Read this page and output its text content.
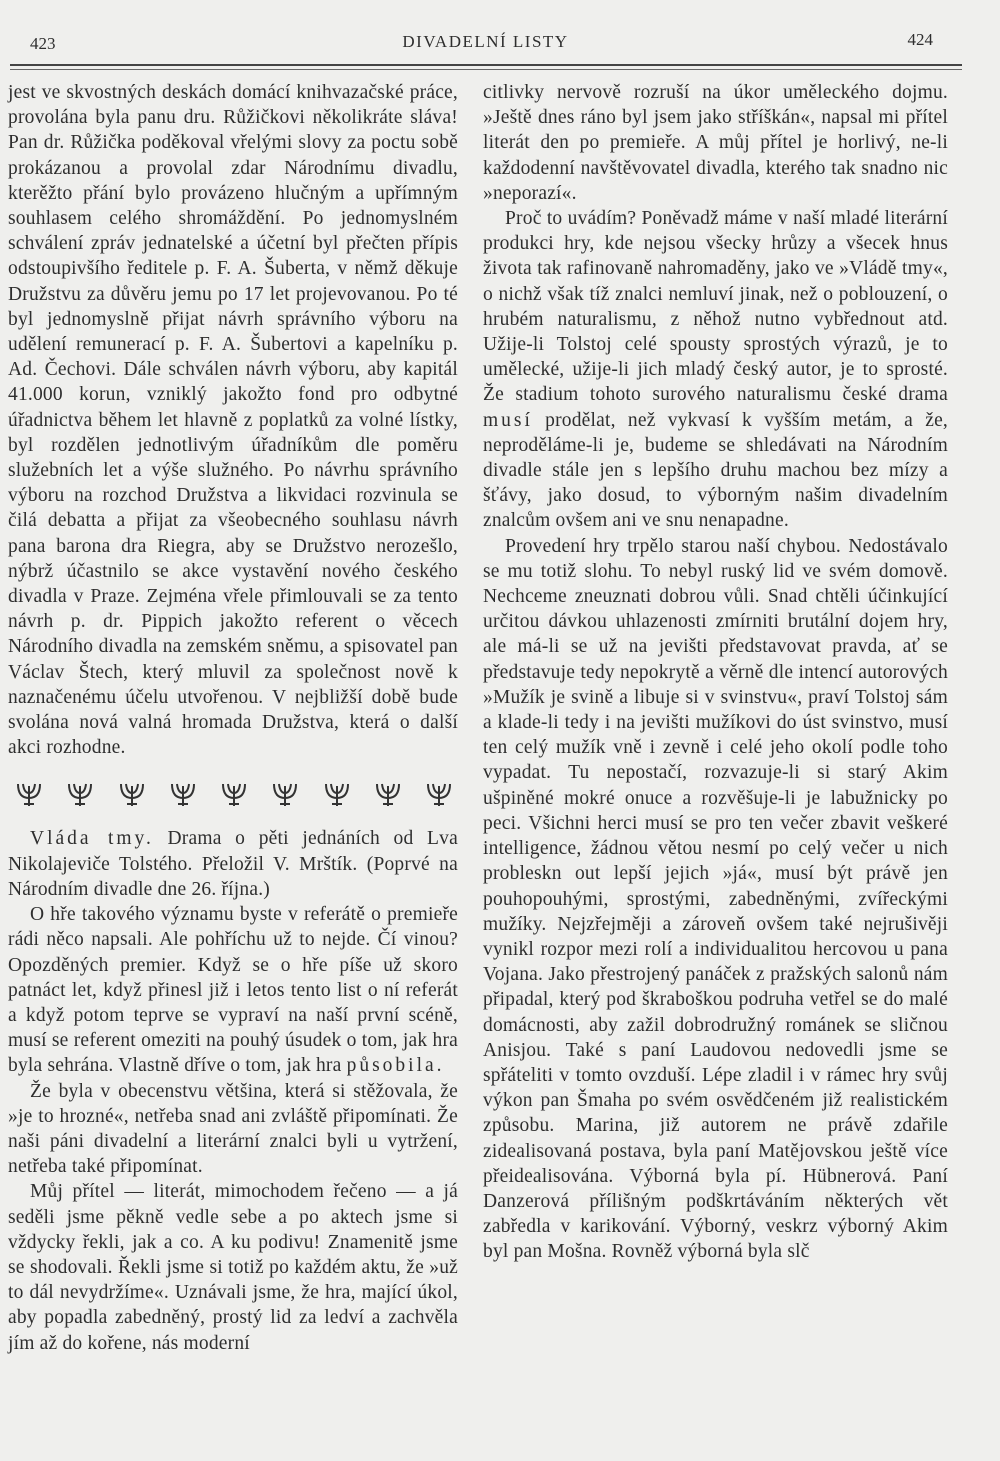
423	DIVADELNÍ LISTY	424

jest ve skvostných deskách domácí knihvazačské práce, provolána byla panu dru. Růžičkovi několikráte sláva! Pan dr. Růžička poděkoval vřelými slovy za poctu sobě prokázanou a provolal zdar Národnímu divadlu, kterěžto přání bylo provázeno hlučným a upřímným souhlasem celého shromáždění. Po jednomyslném schválení zpráv jednatelské a účetní byl přečten přípis odstoupivšího ředitele p. F. A. Šuberta, v němž děkuje Družstvu za důvěru jemu po 17 let projevovanou. Po té byl jednomyslně přijat návrh správního výboru na udělení remunerací p. F. A. Šubertovi a kapelníku p. Ad. Čechovi. Dále schválen návrh výboru, aby kapitál 41.000 korun, vzniklý jakožto fond pro odbytné úřadnictva během let hlavně z poplatků za volné lístky, byl rozdělen jednotlivým úřadníkům dle poměru služebních let a výše služného. Po návrhu správního výboru na rozchod Družstva a likvidaci rozvinula se čilá debatta a přijat za všeobecného souhlasu návrh pana barona dra Riegra, aby se Družstvo nerozešlo, nýbrž účastnilo se akce vystavění nového českého divadla v Praze. Zejména vřele přimlouvali se za tento návrh p. dr. Pippich jakožto referent o věcech Národního divadla na zemském sněmu, a spisovatel pan Václav Štech, který mluvil za společnost nově k naznačenému účelu utvořenou. V nejbližší době bude svolána nová valná hromada Družstva, která o další akci rozhodne.

Vláda tmy. Drama o pěti jednáních od Lva Nikolajeviče Tolstého. Přeložil V. Mrštík. (Poprvé na Národním divadle dne 26. října.)

O hře takového významu byste v referátě o premieře rádi něco napsali. Ale pohříchu už to nejde. Čí vinou? Opozděných premier. Když se o hře píše už skoro patnáct let, když přinesl již i letos tento list o ní referát a když potom teprve se vypraví na naší první scéně, musí se referent omeziti na pouhý úsudek o tom, jak hra byla sehrána. Vlastně dříve o tom, jak hra působila.

Že byla v obecenstvu většina, která si stěžovala, že »je to hrozné«, netřeba snad ani zvláště připomínati. Že naši páni divadelní a literární znalci byli u vytržení, netřeba také připomínat.

Můj přítel — literát, mimochodem řečeno — a já seděli jsme pěkně vedle sebe a po aktech jsme si vždycky řekli, jak a co. A ku podivu! Znamenitě jsme se shodovali. Řekli jsme si totiž po každém aktu, že »už to dál nevydržíme«. Uznávali jsme, že hra, mající úkol, aby popadla zabedněný, prostý lid za ledví a zachvěla jím až do kořene, nás moderní

citlivky nervově rozruší na úkor uměleckého dojmu. »Ještě dnes ráno byl jsem jako stříškán«, napsal mi přítel literát den po premieře. A můj přítel je horlivý, ne-li každodenní navštěvovatel divadla, kterého tak snadno nic »neporazí«.

Proč to uvádím? Poněvadž máme v naší mladé literární produkci hry, kde nejsou všecky hrůzy a všecek hnus života tak rafinovaně nahromaděny, jako ve »Vládě tmy«, o nichž však tíž znalci nemluví jinak, než o poblouzení, o hrubém naturalismu, z něhož nutno vybřednout atd. Užije-li Tolstoj celé spousty sprostých výrazů, je to umělecké, užije-li jich mladý český autor, je to sprosté. Že stadium tohoto surového naturalismu české drama musí prodělat, než vykvasí k vyšším metám, a že, neproděláme-li je, budeme se shledávati na Národním divadle stále jen s lepšího druhu machou bez mízy a šťávy, jako dosud, to výborným našim divadelním znalcům ovšem ani ve snu nenapadne.

Provedení hry trpělo starou naší chybou. Nedostávalo se mu totiž slohu. To nebyl ruský lid ve svém domově. Nechceme zneuznati dobrou vůli. Snad chtěli účinkující určitou dávkou uhlazenosti zmírniti brutální dojem hry, ale má-li se už na jevišti představovat pravda, ať se představuje tedy nepokrytě a věrně dle intencí autorových »Mužík je svině a libuje si v svinstvu«, praví Tolstoj sám a klade-li tedy i na jevišti mužíkovi do úst svinstvo, musí ten celý mužík vně i zevně i celé jeho okolí podle toho vypadat. Tu nepostačí, rozvazuje-li si starý Akim ušpiněné mokré onuce a rozvěšuje-li je labužnicky po peci. Všichni herci musí se pro ten večer zbavit veškeré intelligence, žádnou větou nesmí po celý večer u nich probleskn out lepší jejich »já«, musí být právě jen pouhopouhými, sprostými, zabedněnými, zvířeckými mužíky. Nejzřejměji a zároveň ovšem také nejrušivěji vynikl rozpor mezi rolí a individualitou hercovou u pana Vojana. Jako přestrojený panáček z pražských salonů nám připadal, který pod škraboškou podruha vetřel se do malé domácnosti, aby zažil dobrodružný románek se sličnou Anisjou. Také s paní Laudovou nedovedli jsme se spřáteliti v tomto ovzduší. Lépe zladil i v rámec hry svůj výkon pan Šmaha po svém osvědčeném již realistickém způsobu. Marina, již autorem ne právě zdařile zidealisovaná postava, byla paní Matějovskou ještě více přeidealisována. Výborná byla pí. Hübnerová. Paní Danzerová přílišným podškrtáváním některých vět zabředla v karikování. Výborný, veskrz výborný Akim byl pan Mošna. Rovněž výborná byla slč
